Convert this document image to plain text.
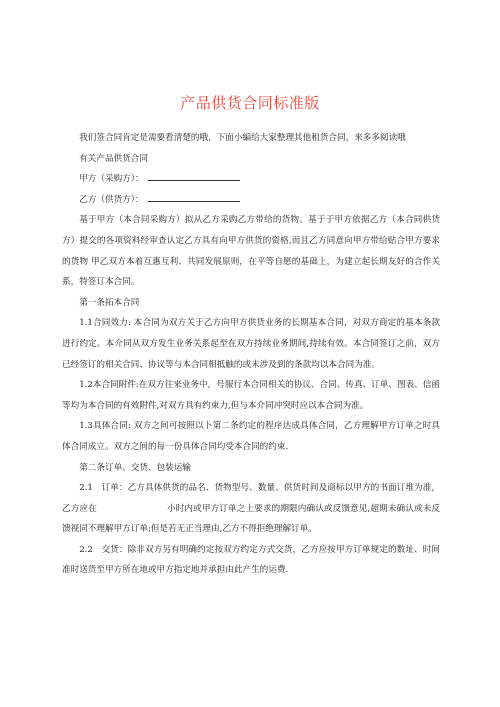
产品供货合同标准版

我们签合同肯定是需要看清楚的哦，下面小编给大家整理其他租货合同，来多多阅读哦

有关产品供货合同

甲方（采购方）：

乙方（供货方）：

基于甲方（本合同采购方）拟从乙方采购乙方带给的货物。基于于甲方依据乙方（本合同供货方）提交的各项资料经审查认定乙方具有向甲方供货的资格,而且乙方同意向甲方带给贴合甲方要求的货物 甲乙双方本着互惠互利、共同发展原则，在平等自愿的基础上，为建立起长期友好的合作关系，特签订本合同。

第一条拓本合同

1.1合同效力: 本合同为双方关于乙方向甲方供货业务的长期基本合同，对双方商定的基本条款进行约定。本介同从双方发生业务关系起至在双方持续业务期间,持续有效。本合同签订之前，双方已经签订的相关合同、协议等与本合同相抵触的或未涉及到的条款均以本合同为准。

1.2本合同附件:在双方往来业务中，号服行本合同相关的协议、合同、传真、订单、图表、信函等均为本合同的有效附件,对双方具有约束力,但与本介同冲突时应以本合同为准。

1.3具体合同: 双方之间可按照以卜第二条约定的程序达成具体合同，乙方理解甲方订单之时具体合同成立。双方之间的每一份具体合同均受本合同的约束.

第二条订单、交货、包装运输

2.1　订单：乙方具体供货的品名、货物型号、数量、供货时间及商标以甲方的书面订堆为准，乙方应在	小时内或甲方订单之上要求的期限内确认或反馈意见,超期未确认或未反馈视同不理解甲方订单;但是若无正当理由,乙方不得拒绝理解订单。

2.2　交货：除非双方另有明确约定按双方约定方式交货，乙方应按甲方订单规定的数址、时间准时送货至甲方所在地或甲方指定地并承担由此产生的运费.
